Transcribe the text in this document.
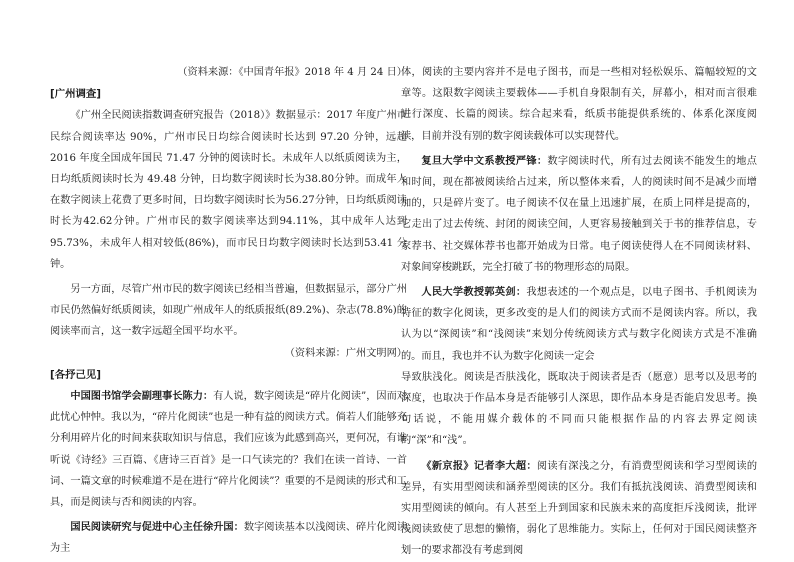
（资料来源：《中国青年报》2018 年 4 月 24 日）

[广州调查]

《广州全民阅读指数调查研究报告（2018）》数据显示：2017 年度广州市民综合阅读率达 90%，广州市民日均综合阅读时长达到 97.20 分钟，远超 2016 年度全国成年国民 71.47 分钟的阅读时长。未成年人以纸质阅读为主，日均纸质阅读时长为 49.48 分钟，日均数字阅读时长为38.80分钟。而成年人在数字阅读上花费了更多时间，日均数字阅读时长为56.27分钟，日均纸质阅读时长为42.62分钟。广州市民的数字阅读率达到94.11%，其中成年人达到95.73%，未成年人相对较低(86%)，而市民日均数字阅读时长达到53.41 分钟。

另一方面，尽管广州市民的数字阅读已经相当普遍，但数据显示，部分广州市民仍然偏好纸质阅读，如现广州成年人的纸质报纸(89.2%)、杂志(78.8%)的阅读率而言，这一数字远超全国平均水平。

（资料来源：广州文明网）

[各抒己见]

中国图书馆学会副理事长陈力：有人说，数字阅读是“碎片化阅读”，因而对此忧心忡忡。我以为，“碎片化阅读”也是一种有益的阅读方式。倘若人们能够充分利用碎片化的时间来获取知识与信息，我们应该为此感到高兴，更何况，有谁听说《诗经》三百篇、《唐诗三百首》是一口气读完的？我们在读一首诗、一首词、一篇文章的时候难道不是在进行“碎片化阅读”？重要的不是阅读的形式和工具，而是阅读与否和阅读的内容。

国民阅读研究与促进中心主任徐升国：数字阅读基本以浅阅读、碎片化阅读为主

体，阅读的主要内容并不是电子图书，而是一些相对轻松娱乐、篇幅较短的文章等。这限数字阅读主要载体——手机自身限制有关，屏幕小，相对而言很难进行深度、长篇的阅读。综合起来看，纸质书能提供系统的、体系化深度阅读，目前并没有别的数字阅读载体可以实现替代。

复旦大学中文系教授严锋：数字阅读时代，所有过去阅读不能发生的地点和时间，现在都被阅读给占过来，所以整体来看，人的阅读时间不是减少而增加的，只是碎片变了。电子阅读不仅在量上迅速扩展，在质上同样是提高的，它走出了过去传统、封闭的阅读空间，人更容易接触到关于书的推荐信息，专家荐书、社交媒体荐书也都开始成为日常。电子阅读使得人在不同阅读材料、对象间穿梭跳跃，完全打破了书的物理形态的局限。

人民大学教授郭英剑：我想表述的一个观点是，以电子图书、手机阅读为特征的数字化阅读，更多改变的是人们的阅读方式而不是阅读内容。所以，我认为以“深阅读”和“浅阅读”来划分传统阅读方式与数字化阅读方式是不准确的。而且，我也并不认为数字化阅读一定会

导致肤浅化。阅读是否肤浅化，既取决于阅读者是否（愿意）思考以及思考的深度，也取决于作品本身是否能够引人深思，即作品本身是否能启发思考。换句话说，不能用媒介载体的不同而只能根据作品的内容去界定阅读的“深”和“浅”。

《新京报》记者李大超：阅读有深浅之分，有消费型阅读和学习型阅读的差异，有实用型阅读和涵养型阅读的区分。我们有抵抗浅阅读、消费型阅读和实用型阅读的倾向。有人甚至上升到国家和民族未来的高度拒斥浅阅读，批评浅阅读致使了思想的懒惰，弱化了思维能力。实际上，任何对于国民阅读整齐划一的要求都没有考虑到阅
